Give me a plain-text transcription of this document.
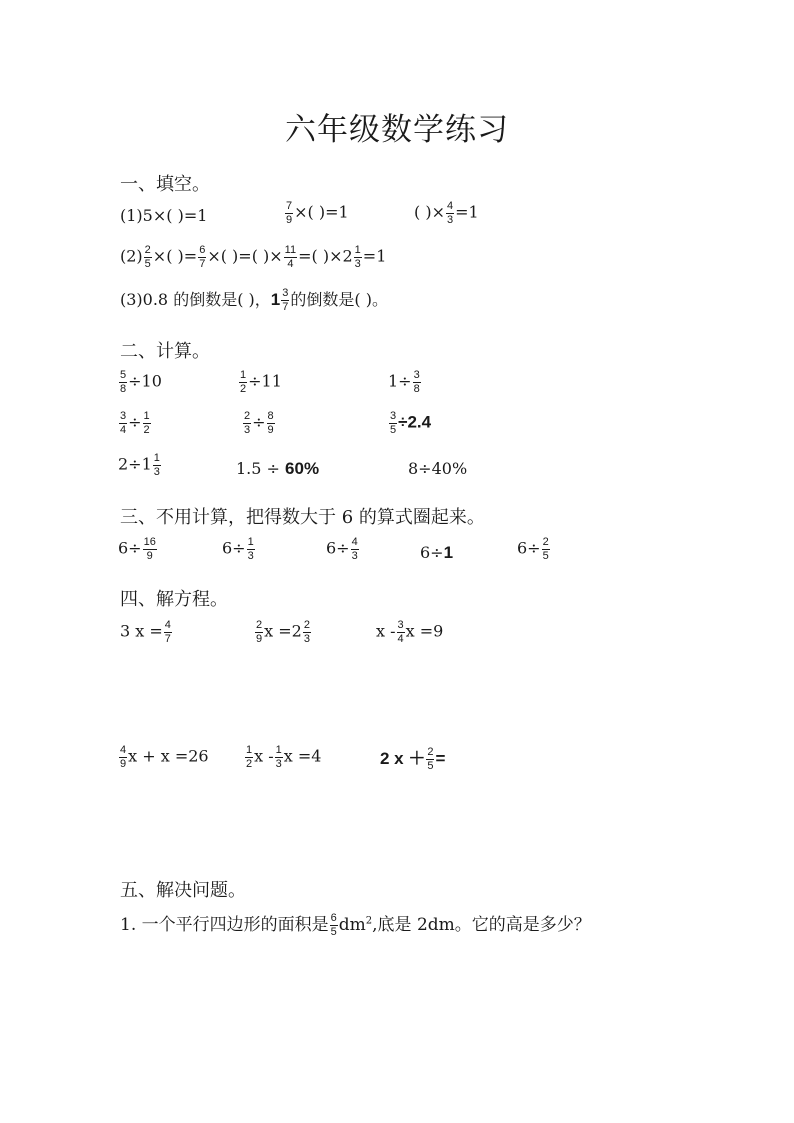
六年级数学练习
一、填空。
(1)5×( )=1	$\frac{7}{9}$ ×( )=1	( )× $\frac{4}{3} =1$
$(2) \frac{2}{5}$ ×( )= $\frac{6}{7}$ ×( )=( )× $\frac{11}{4}$ =( )$\times 2 \frac{1}{3} =1$
(3)0.8 的倒数是( )，$1 \frac{3}{7}$ 的倒数是( )。
二、计算。
$\frac{5}{8} \div 10$	$\frac{1}{2} \div 11$	$1\div \frac{3}{8}$
$\frac{3}{4} \div \frac{1}{2}$	$\frac{2}{3} \div \frac{8}{9}$	$\frac{3}{5} \div 2.4$
$2\div 1 \frac{1}{3}$	1.5 ÷ 60%	8÷40%
三、不用计算，把得数大于 6 的算式圈起来。
$6\div \frac{16}{9}$	$6\div \frac{1}{3}$	$6\div \frac{4}{3}$	6÷1	$6\div \frac{2}{5}$
四、解方程。
3 $x = \frac{4}{7}$	$\frac{2}{9}$ $x =2 \frac{2}{3}$	x - $\frac{3}{4}$ x =9
$\frac{4}{9}$ x + x =26	$\frac{1}{2}$ x - $\frac{1}{3}$ x =4	2 $x + \frac{2}{5}$ =
五、解决问题。
1. 一个平行四边形的面积是 $\frac{6}{5} dm^2$,底是 2dm。它的高是多少？
